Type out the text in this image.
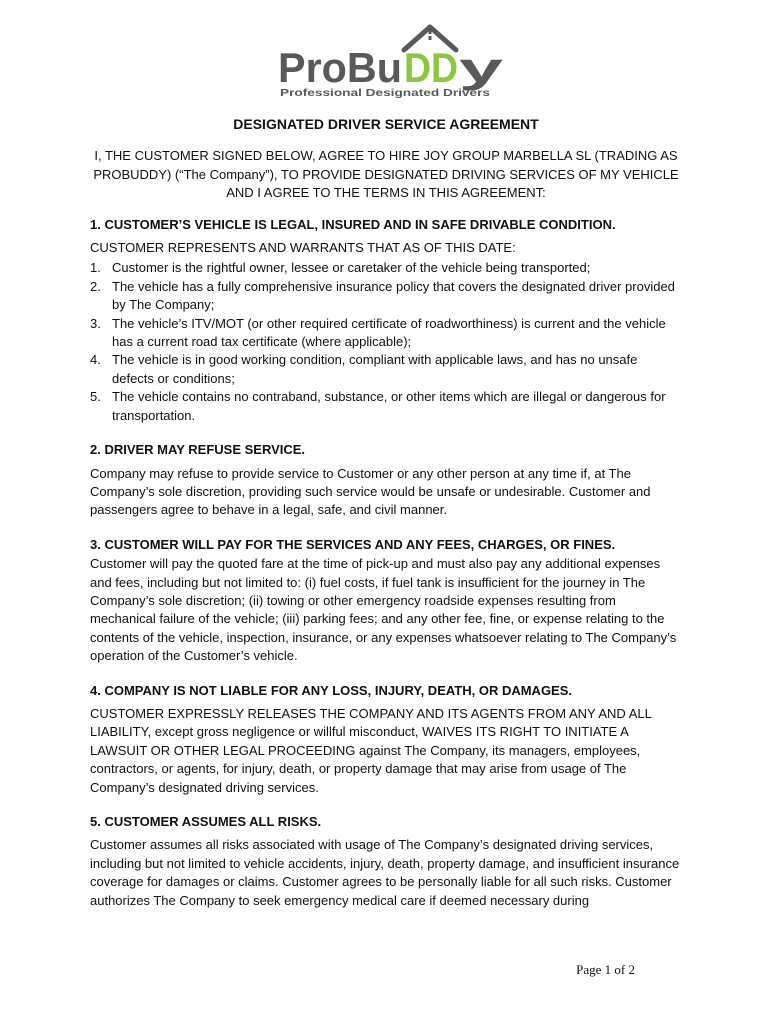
ProBu DD y
Professional Designated Drivers
DESIGNATED DRIVER SERVICE AGREEMENT
I, THE CUSTOMER SIGNED BELOW, AGREE TO HIRE JOY GROUP MARBELLA SL (TRADING AS PROBUDDY) (“The Company”), TO PROVIDE DESIGNATED DRIVING SERVICES OF MY VEHICLE AND I AGREE TO THE TERMS IN THIS AGREEMENT:
1. CUSTOMER’S VEHICLE IS LEGAL, INSURED AND IN SAFE DRIVABLE CONDITION.
CUSTOMER REPRESENTS AND WARRANTS THAT AS OF THIS DATE:
1. Customer is the rightful owner, lessee or caretaker of the vehicle being transported;
2. The vehicle has a fully comprehensive insurance policy that covers the designated driver provided by The Company;
3. The vehicle’s ITV/MOT (or other required certificate of roadworthiness) is current and the vehicle has a current road tax certificate (where applicable);
4. The vehicle is in good working condition, compliant with applicable laws, and has no unsafe defects or conditions;
5. The vehicle contains no contraband, substance, or other items which are illegal or dangerous for transportation.
2. DRIVER MAY REFUSE SERVICE.
Company may refuse to provide service to Customer or any other person at any time if, at The Company’s sole discretion, providing such service would be unsafe or undesirable. Customer and passengers agree to behave in a legal, safe, and civil manner.
3. CUSTOMER WILL PAY FOR THE SERVICES AND ANY FEES, CHARGES, OR FINES.
Customer will pay the quoted fare at the time of pick-up and must also pay any additional expenses and fees, including but not limited to: (i) fuel costs, if fuel tank is insufficient for the journey in The Company’s sole discretion; (ii) towing or other emergency roadside expenses resulting from mechanical failure of the vehicle; (iii) parking fees; and any other fee, fine, or expense relating to the contents of the vehicle, inspection, insurance, or any expenses whatsoever relating to The Company’s operation of the Customer’s vehicle.
4. COMPANY IS NOT LIABLE FOR ANY LOSS, INJURY, DEATH, OR DAMAGES.
CUSTOMER EXPRESSLY RELEASES THE COMPANY AND ITS AGENTS FROM ANY AND ALL LIABILITY, except gross negligence or willful misconduct, WAIVES ITS RIGHT TO INITIATE A LAWSUIT OR OTHER LEGAL PROCEEDING against The Company, its managers, employees, contractors, or agents, for injury, death, or property damage that may arise from usage of The Company’s designated driving services.
5. CUSTOMER ASSUMES ALL RISKS.
Customer assumes all risks associated with usage of The Company’s designated driving services, including but not limited to vehicle accidents, injury, death, property damage, and insufficient insurance coverage for damages or claims. Customer agrees to be personally liable for all such risks. Customer authorizes The Company to seek emergency medical care if deemed necessary during
Page 1 of 2
